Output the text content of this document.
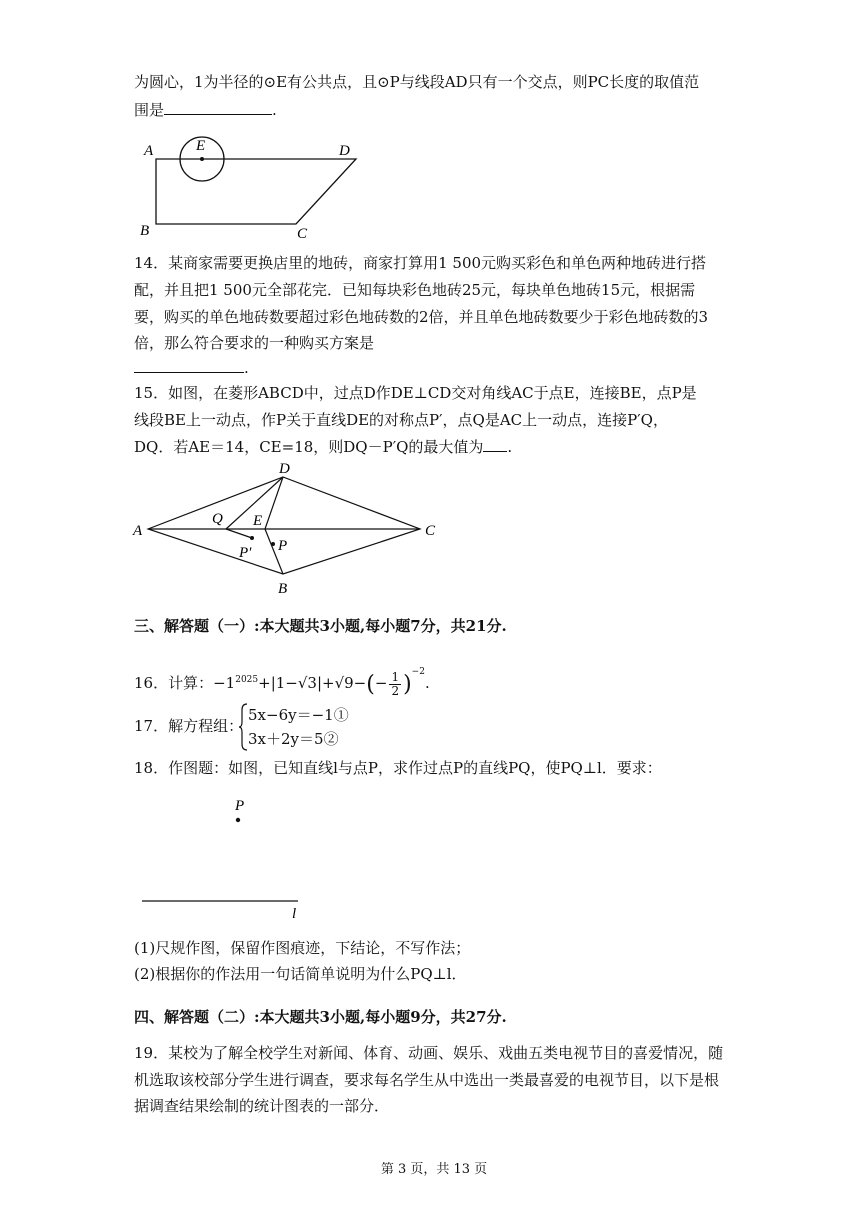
为圆心，1为半径的⊙E有公共点，且⊙P与线段AD只有一个交点，则PC长度的取值范
围是	.
A	E	D
B	C
14．某商家需要更换店里的地砖，商家打算用1 500元购买彩色和单色两种地砖进行搭
配，并且把1 500元全部花完．已知每块彩色地砖25元，每块单色地砖15元，根据需
要，购买的单色地砖数要超过彩色地砖数的2倍，并且单色地砖数要少于彩色地砖数的3
倍，那么符合要求的一种购买方案是
.
15．如图，在菱形ABCD中，过点D作DE⊥CD交对角线AC于点E，连接BE，点P是
线段BE上一动点，作P关于直线DE的对称点P′，点Q是AC上一动点，连接P′Q，
DQ．若AE＝14，CE=18，则DQ－P′Q的最大值为 .
A
D
C
B
Q E
P
P′
三、解答题（一）:本大题共3小题,每小题7分，共21分.
16．计算：$-1^{2025}+|1-√3|+√9-(- \frac{1}{2} )^{-2}$.
17．解方程组：
5x−6y＝−1①
3x＋2y＝5②
18．作图题：如图，已知直线l与点P，求作过点P的直线PQ，使PQ⊥l．要求：
P
l
(1)尺规作图，保留作图痕迹，下结论，不写作法；
(2)根据你的作法用一句话简单说明为什么PQ⊥l．
四、解答题（二）:本大题共3小题,每小题9分，共27分.
19．某校为了解全校学生对新闻、体育、动画、娱乐、戏曲五类电视节目的喜爱情况，随
机选取该校部分学生进行调查，要求每名学生从中选出一类最喜爱的电视节目，以下是根
据调查结果绘制的统计图表的一部分．
第 3 页，共 13 页
